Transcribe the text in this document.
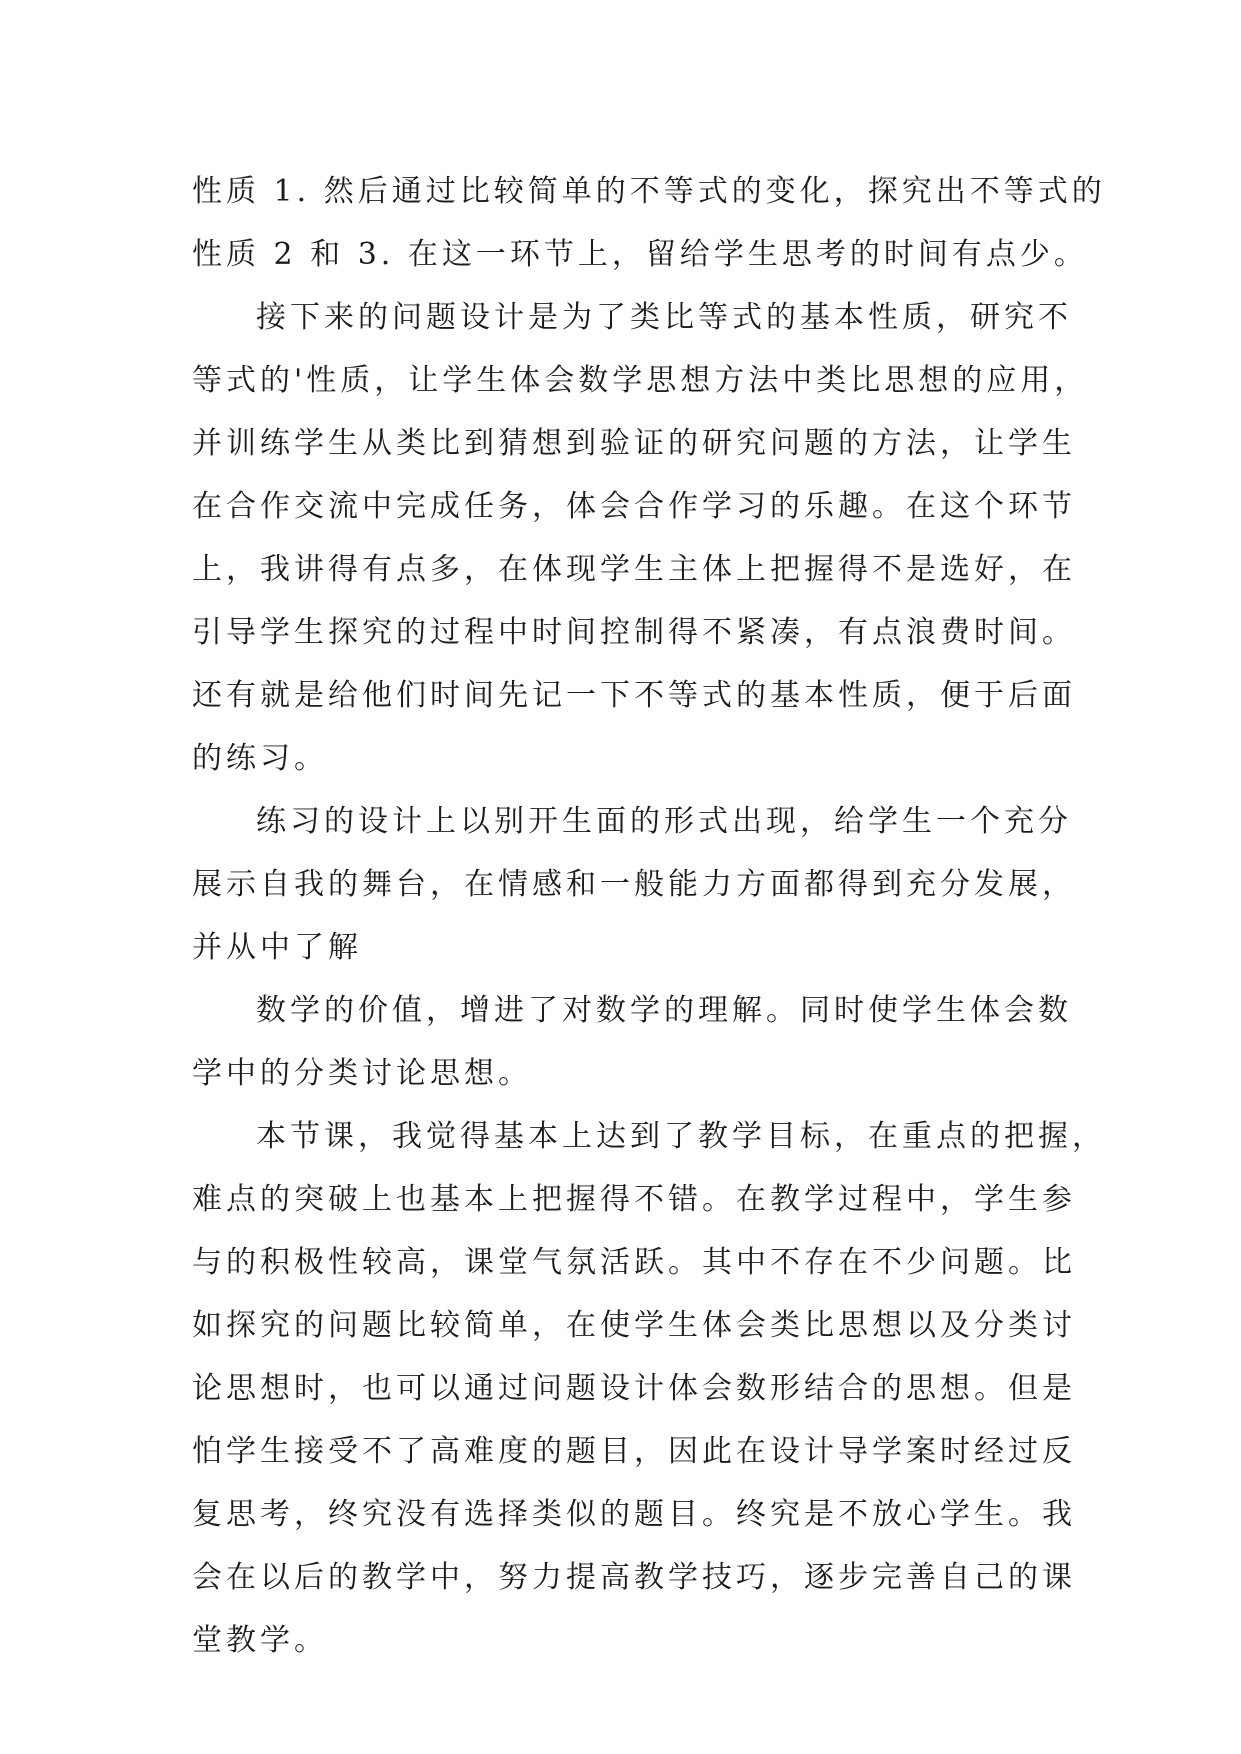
性质 1. 然后通过比较简单的不等式的变化，探究出不等式的
性质 2 和 3. 在这一环节上，留给学生思考的时间有点少。
接下来的问题设计是为了类比等式的基本性质，研究不
等式的'性质，让学生体会数学思想方法中类比思想的应用，
并训练学生从类比到猜想到验证的研究问题的方法，让学生
在合作交流中完成任务，体会合作学习的乐趣。在这个环节
上，我讲得有点多，在体现学生主体上把握得不是选好，在
引导学生探究的过程中时间控制得不紧凑，有点浪费时间。
还有就是给他们时间先记一下不等式的基本性质，便于后面
的练习。
练习的设计上以别开生面的形式出现，给学生一个充分
展示自我的舞台，在情感和一般能力方面都得到充分发展，
并从中了解
数学的价值，增进了对数学的理解。同时使学生体会数
学中的分类讨论思想。
本节课，我觉得基本上达到了教学目标，在重点的把握，
难点的突破上也基本上把握得不错。在教学过程中，学生参
与的积极性较高，课堂气氛活跃。其中不存在不少问题。比
如探究的问题比较简单，在使学生体会类比思想以及分类讨
论思想时，也可以通过问题设计体会数形结合的思想。但是
怕学生接受不了高难度的题目，因此在设计导学案时经过反
复思考，终究没有选择类似的题目。终究是不放心学生。我
会在以后的教学中，努力提高教学技巧，逐步完善自己的课
堂教学。
